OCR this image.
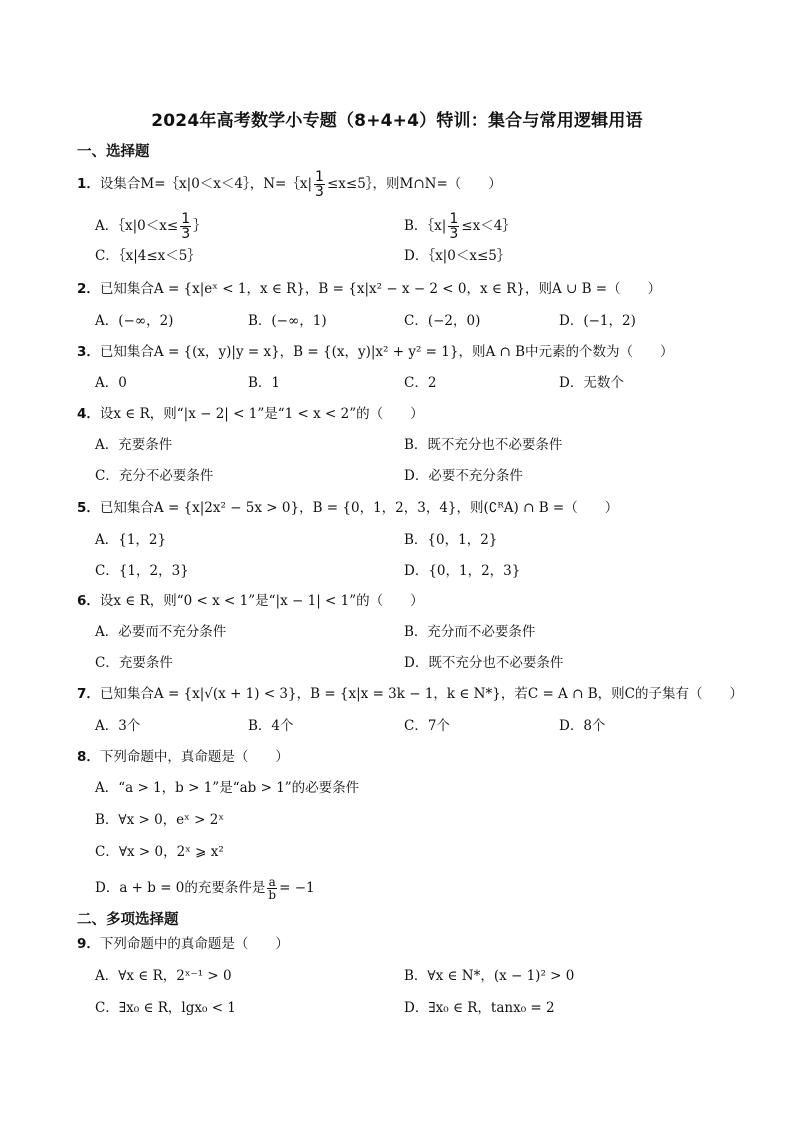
2024年高考数学小专题（8+4+4）特训：集合与常用逻辑用语
一、选择题
1．设集合M=｛x|0＜x＜4｝，N=｛x| $\frac{1}{3}$ ≤x≤5｝，则M∩N=（　　）
A．｛x|0＜x≤ $\frac{1}{3}$ ｝	B．｛x| $\frac{1}{3}$ ≤x＜4｝
C．｛x|4≤x＜5｝	D．｛x|0＜x≤5｝
2．已知集合A = {x|eˣ < 1，x ∈ R}，B = {x|x² − x − 2 < 0，x ∈ R}，则A ∪ B =（　　）
A．(−∞，2)	B．(−∞，1)	C．(−2，0)	D．(−1，2)
3．已知集合A = {(x，y)|y = x}，B = {(x，y)|x² + y² = 1}，则A ∩ B中元素的个数为（　　）
A．0	B．1	C．2	D．无数个
4．设x ∈ R，则“|x − 2| < 1”是“1 < x < 2”的（　　）
A．充要条件	B．既不充分也不必要条件
C．充分不必要条件	D．必要不充分条件
5．已知集合A = {x|2x² − 5x > 0}，B = {0，1，2，3，4}，则(∁ᴿA) ∩ B =（　　）
A．{1，2}	B．{0，1，2}
C．{1，2，3}	D．{0，1，2，3}
6．设x ∈ R，则“0 < x < 1”是“|x − 1| < 1”的（　　）
A．必要而不充分条件	B．充分而不必要条件
C．充要条件	D．既不充分也不必要条件
7．已知集合A = {x|√(x + 1) < 3}，B = {x|x = 3k − 1，k ∈ N*}，若C = A ∩ B，则C的子集有（　　）
A．3个	B．4个	C．7个	D．8个
8．下列命题中，真命题是（　　）
A．“a > 1，b > 1”是“ab > 1”的必要条件
B．∀x > 0，eˣ > 2ˣ
C．∀x > 0，2ˣ ⩾ x²
D．a + b = 0的充要条件是 $\frac{a}{b} = -1$
二、多项选择题
9．下列命题中的真命题是（　　）
A．∀x ∈ R，2ˣ⁻¹ > 0	B．∀x ∈ N*，(x − 1)² > 0
C．∃x₀ ∈ R，lgx₀ < 1	D．∃x₀ ∈ R，tanx₀ = 2
